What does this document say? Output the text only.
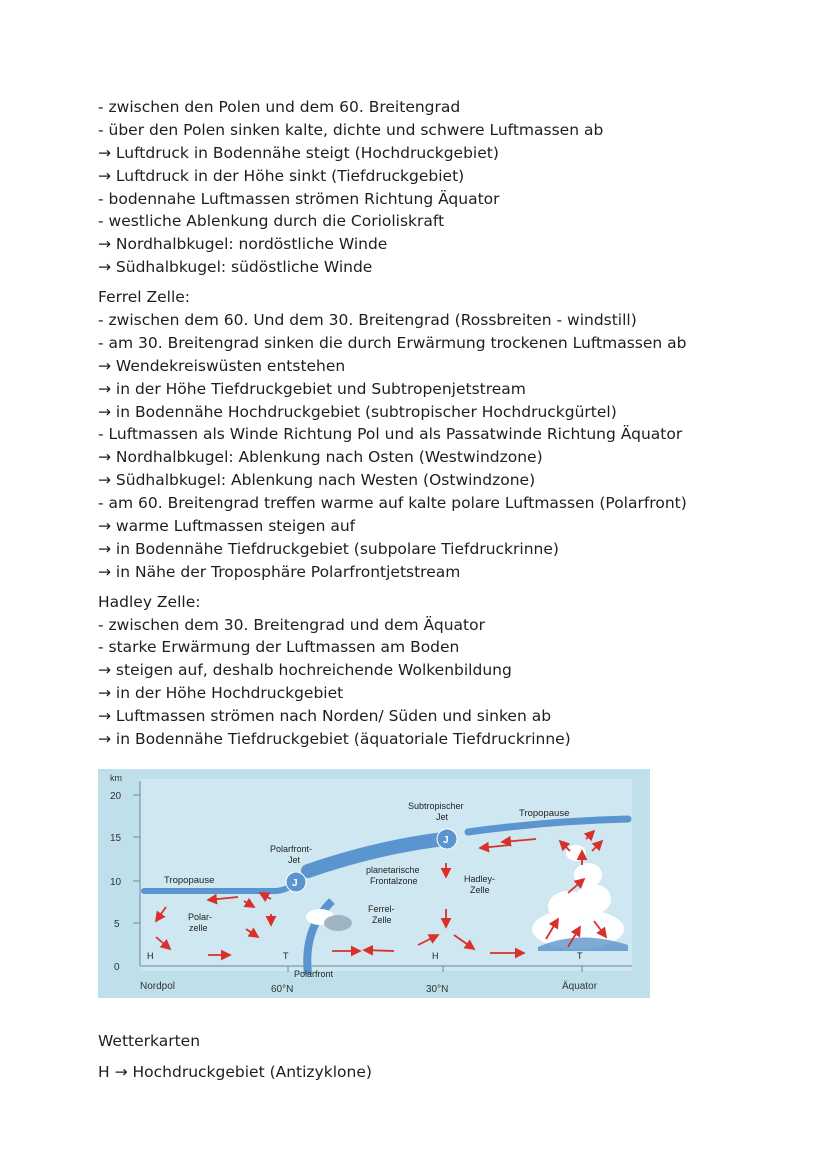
- zwischen den Polen und dem 60. Breitengrad
- über den Polen sinken kalte, dichte und schwere Luftmassen ab
→ Luftdruck in Bodennähe steigt (Hochdruckgebiet)
→ Luftdruck in der Höhe sinkt (Tiefdruckgebiet)
- bodennahe Luftmassen strömen Richtung Äquator
- westliche Ablenkung durch die Corioliskraft
→ Nordhalbkugel: nordöstliche Winde
→ Südhalbkugel: südöstliche Winde
Ferrel Zelle:
- zwischen dem 60. Und dem 30. Breitengrad (Rossbreiten - windstill)
- am 30. Breitengrad sinken die durch Erwärmung trockenen Luftmassen ab
→ Wendekreiswüsten entstehen
→ in der Höhe Tiefdruckgebiet und Subtropenjetstream
→ in Bodennähe Hochdruckgebiet (subtropischer Hochdruckgürtel)
- Luftmassen als Winde Richtung Pol und als Passatwinde Richtung Äquator
→ Nordhalbkugel: Ablenkung nach Osten (Westwindzone)
→ Südhalbkugel: Ablenkung nach Westen (Ostwindzone)
- am 60. Breitengrad treffen warme auf kalte polare Luftmassen (Polarfront)
→ warme Luftmassen steigen auf
→ in Bodennähe Tiefdruckgebiet (subpolare Tiefdruckrinne)
→ in Nähe der Troposphäre Polarfrontjetstream
Hadley Zelle:
- zwischen dem 30. Breitengrad und dem Äquator
- starke Erwärmung der Luftmassen am Boden
→ steigen auf, deshalb hochreichende Wolkenbildung
→ in der Höhe Hochdruckgebiet
→ Luftmassen strömen nach Norden/ Süden und sinken ab
→ in Bodennähe Tiefdruckgebiet (äquatoriale Tiefdruckrinne)
km
20
15
10
5
0
Nordpol	60°N	30°N	Äquator
J
J
Tropopause
Tropopause
Polarfront-
Jet
Subtropischer
Jet
planetarische
Frontalzone	Hadley-
Zelle
Ferrel-
Zelle
Polar-
zelle
Polarfront
H	T	H	T
Wetterkarten
H → Hochdruckgebiet (Antizyklone)
